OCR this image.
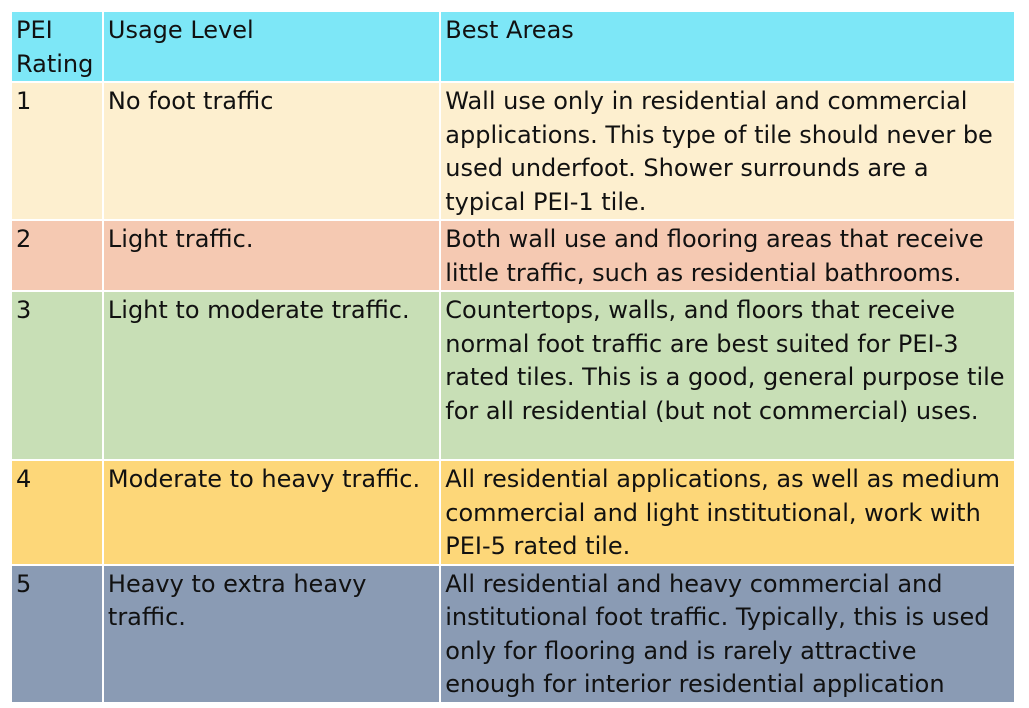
PEI Rating	Usage Level	Best Areas
1	No foot traffic	Wall use only in residential and commercial applications. This type of tile should never be used underfoot. Shower surrounds are a typical PEI-1 tile.
2	Light traffic.	Both wall use and flooring areas that receive little traffic, such as residential bathrooms.
3	Light to moderate traffic.	Countertops, walls, and floors that receive normal foot traffic are best suited for PEI-3 rated tiles. This is a good, general purpose tile for all residential (but not commercial) uses.
4	Moderate to heavy traffic.	All residential applications, as well as medium commercial and light institutional, work with PEI-5 rated tile.
5	Heavy to extra heavy traffic.	All residential and heavy commercial and institutional foot traffic. Typically, this is used only for flooring and is rarely attractive enough for interior residential application
